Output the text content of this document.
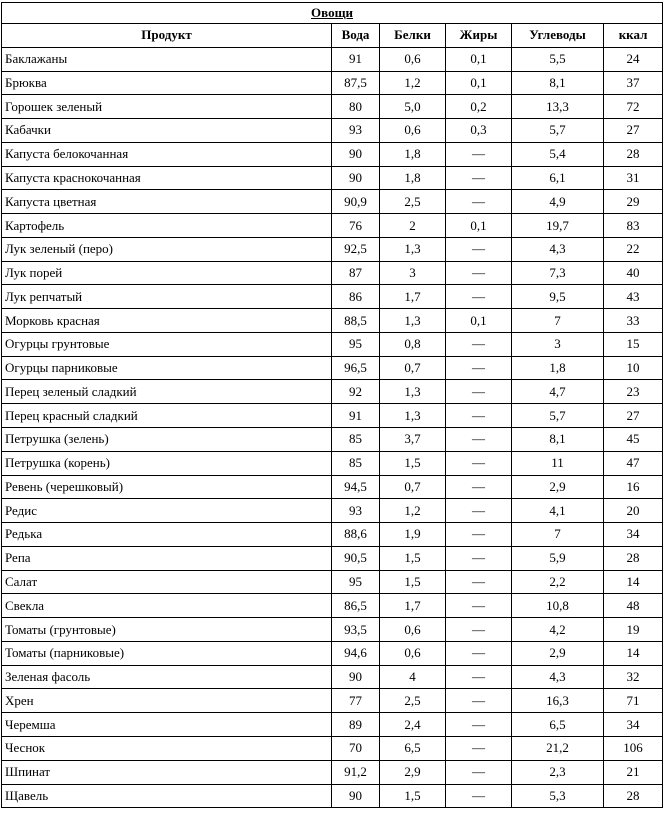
Овощи					
Продукт	Вода	Белки	Жиры	Углеводы	ккал
Баклажаны	91	0,6	0,1	5,5	24
Брюква	87,5	1,2	0,1	8,1	37
Горошек зеленый	80	5,0	0,2	13,3	72
Кабачки	93	0,6	0,3	5,7	27
Капуста белокочанная	90	1,8	—	5,4	28
Капуста краснокочанная	90	1,8	—	6,1	31
Капуста цветная	90,9	2,5	—	4,9	29
Картофель	76	2	0,1	19,7	83
Лук зеленый (перо)	92,5	1,3	—	4,3	22
Лук порей	87	3	—	7,3	40
Лук репчатый	86	1,7	—	9,5	43
Морковь красная	88,5	1,3	0,1	7	33
Огурцы грунтовые	95	0,8	—	3	15
Огурцы парниковые	96,5	0,7	—	1,8	10
Перец зеленый сладкий	92	1,3	—	4,7	23
Перец красный сладкий	91	1,3	—	5,7	27
Петрушка (зелень)	85	3,7	—	8,1	45
Петрушка (корень)	85	1,5	—	11	47
Ревень (черешковый)	94,5	0,7	—	2,9	16
Редис	93	1,2	—	4,1	20
Редька	88,6	1,9	—	7	34
Репа	90,5	1,5	—	5,9	28
Салат	95	1,5	—	2,2	14
Свекла	86,5	1,7	—	10,8	48
Томаты (грунтовые)	93,5	0,6	—	4,2	19
Томаты (парниковые)	94,6	0,6	—	2,9	14
Зеленая фасоль	90	4	—	4,3	32
Хрен	77	2,5	—	16,3	71
Черемша	89	2,4	—	6,5	34
Чеснок	70	6,5	—	21,2	106
Шпинат	91,2	2,9	—	2,3	21
Щавель	90	1,5	—	5,3	28
